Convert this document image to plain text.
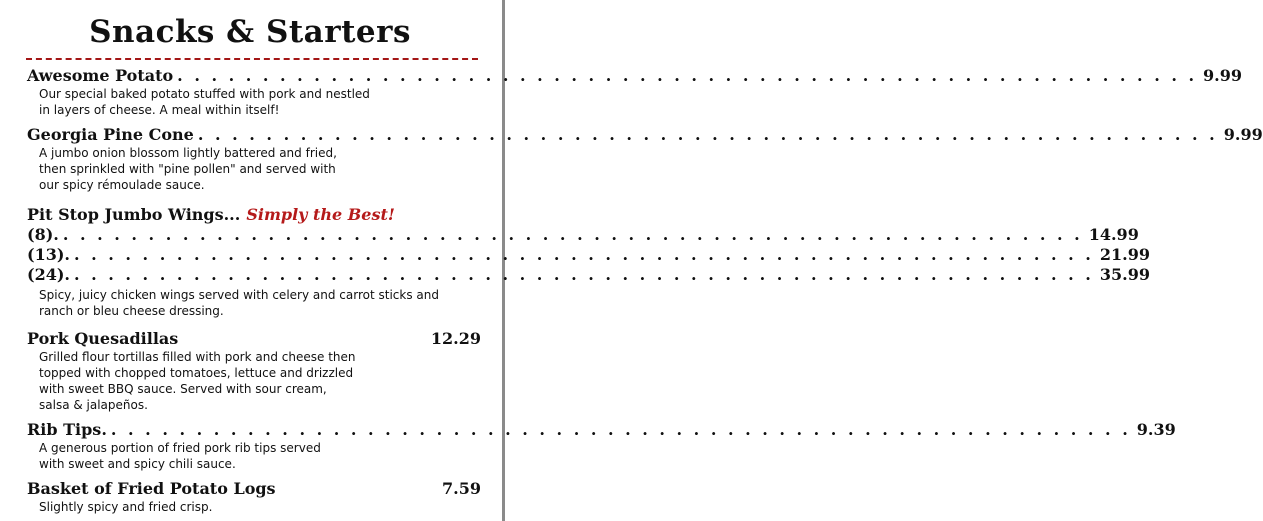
Snacks & Starters
Awesome Potato . . . . . . . . . . . . . . . . . . . . . . . . . . . . . . . . . . . . . . . . . . . . . . . . . . . . . . . . . . . . 9.99
Our special baked potato stuffed with pork and nestled
in layers of cheese. A meal within itself!
Georgia Pine Cone . . . . . . . . . . . . . . . . . . . . . . . . . . . . . . . . . . . . . . . . . . . . . . . . . . . . . . . . . . . . 9.99
A jumbo onion blossom lightly battered and fried,
then sprinkled with "pine pollen" and served with
our spicy rémoulade sauce.
Pit Stop Jumbo Wings... Simply the Best!
(8). . . . . . . . . . . . . . . . . . . . . . . . . . . . . . . . . . . . . . . . . . . . . . . . . . . . . . . . . . . . . 14.99
(13). . . . . . . . . . . . . . . . . . . . . . . . . . . . . . . . . . . . . . . . . . . . . . . . . . . . . . . . . . . . . 21.99
(24). . . . . . . . . . . . . . . . . . . . . . . . . . . . . . . . . . . . . . . . . . . . . . . . . . . . . . . . . . . . . 35.99
Spicy, juicy chicken wings served with celery and carrot sticks and
ranch or bleu cheese dressing.
Pork Quesadillas	12.29
Grilled flour tortillas filled with pork and cheese then
topped with chopped tomatoes, lettuce and drizzled
with sweet BBQ sauce. Served with sour cream,
salsa & jalapeños.
Rib Tips. . . . . . . . . . . . . . . . . . . . . . . . . . . . . . . . . . . . . . . . . . . . . . . . . . . . . . . . . . . . . 9.39
A generous portion of fried pork rib tips served
with sweet and spicy chili sauce.
Basket of Fried Potato Logs	7.59
Slightly spicy and fried crisp.
